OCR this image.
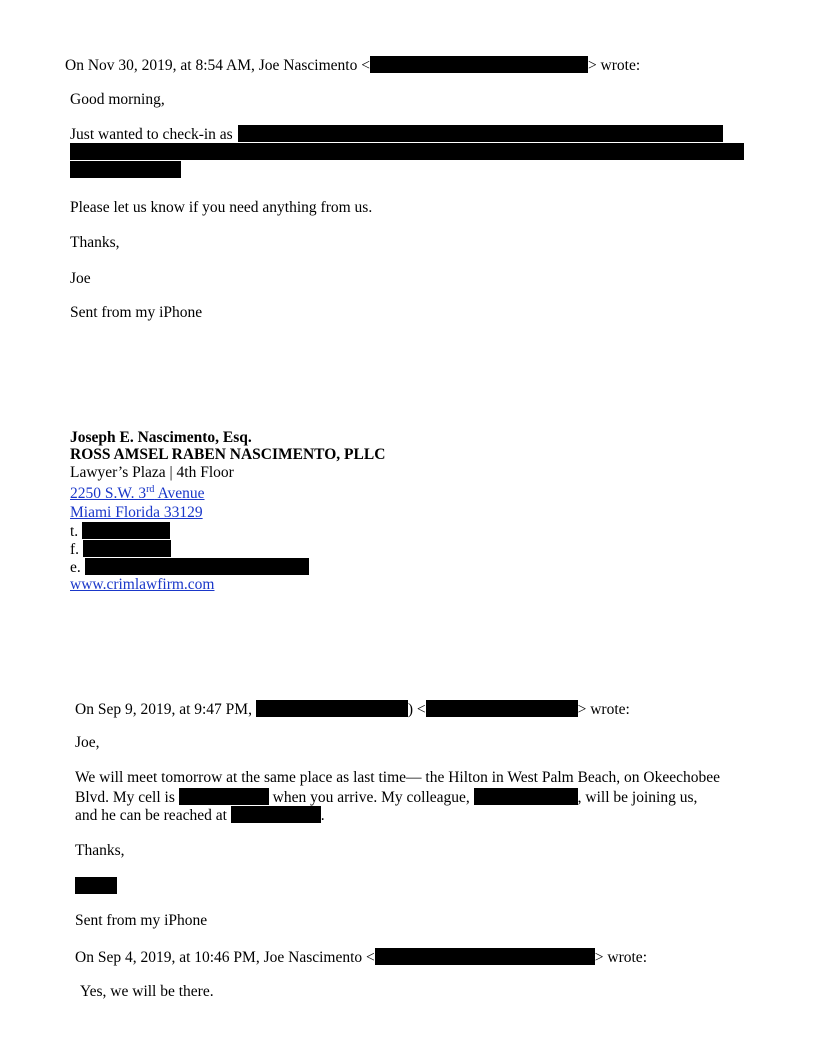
On Nov 30, 2019, at 8:54 AM, Joe Nascimento <	> wrote:
Good morning,
Just wanted to check-in as
Please let us know if you need anything from us.
Thanks,
Joe
Sent from my iPhone
Joseph E. Nascimento, Esq.
ROSS AMSEL RABEN NASCIMENTO, PLLC
Lawyer’s Plaza | 4th Floor
2250 S.W. 3rd Avenue
Miami Florida 33129
t.
f.
e.
www.crimlawfirm.com
On Sep 9, 2019, at 9:47 PM,	) <	> wrote:
Joe,
We will meet tomorrow at the same place as last time— the Hilton in West Palm Beach, on Okeechobee
Blvd. My cell is	when you arrive. My colleague,	, will be joining us,
and he can be reached at	.
Thanks,
Sent from my iPhone
On Sep 4, 2019, at 10:46 PM, Joe Nascimento <	> wrote:
Yes, we will be there.
